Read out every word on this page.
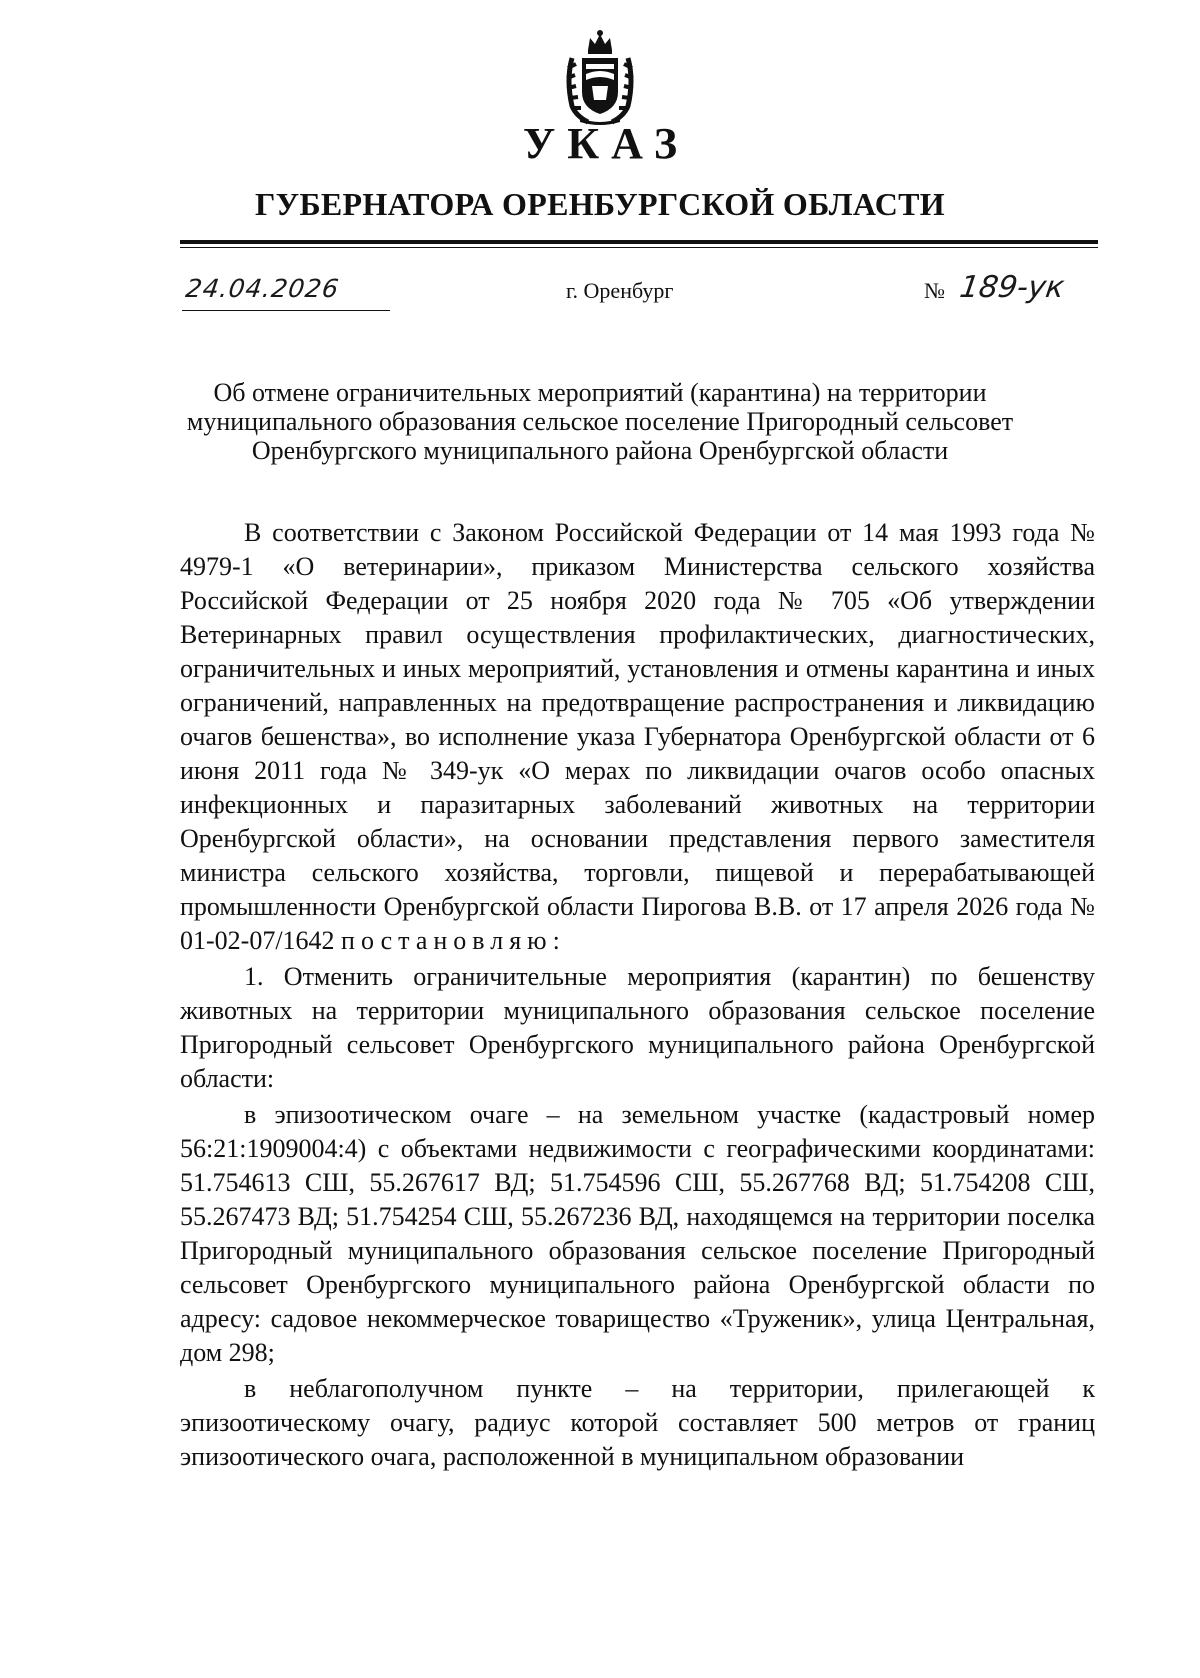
УКАЗ
ГУБЕРНАТОРА ОРЕНБУРГСКОЙ ОБЛАСТИ
24.04.2026	г. Оренбург	№ 189-ук
Об отмене ограничительных мероприятий (карантина) на территории
муниципального образования сельское поселение Пригородный сельсовет
Оренбургского муниципального района Оренбургской области

В соответствии с Законом Российской Федерации от 14 мая 1993 года № 4979-1 «О ветеринарии», приказом Министерства сельского хозяйства Российской Федерации от 25 ноября 2020 года № 705 «Об утверждении Ветеринарных правил осуществления профилактических, диагностических, ограничительных и иных мероприятий, установления и отмены карантина и иных ограничений, направленных на предотвращение распространения и ликвидацию очагов бешенства», во исполнение указа Губернатора Оренбургской области от 6 июня 2011 года № 349-ук «О мерах по ликвидации очагов особо опасных инфекционных и паразитарных заболеваний животных на территории Оренбургской области», на основании представления первого заместителя министра сельского хозяйства, торговли, пищевой и перерабатывающей промышленности Оренбургской области Пирогова В.В. от 17 апреля 2026 года № 01-02-07/1642 постановляю:

1. Отменить ограничительные мероприятия (карантин) по бешенству животных на территории муниципального образования сельское поселение Пригородный сельсовет Оренбургского муниципального района Оренбургской области:

в эпизоотическом очаге – на земельном участке (кадастровый номер 56:21:1909004:4) с объектами недвижимости с географическими координатами: 51.754613 СШ, 55.267617 ВД; 51.754596 СШ, 55.267768 ВД; 51.754208 СШ, 55.267473 ВД; 51.754254 СШ, 55.267236 ВД, находящемся на территории поселка Пригородный муниципального образования сельское поселение Пригородный сельсовет Оренбургского муниципального района Оренбургской области по адресу: садовое некоммерческое товарищество «Труженик», улица Центральная, дом 298;

в неблагополучном пункте – на территории, прилегающей к эпизоотическому очагу, радиус которой составляет 500 метров от границ эпизоотического очага, расположенной в муниципальном образовании
